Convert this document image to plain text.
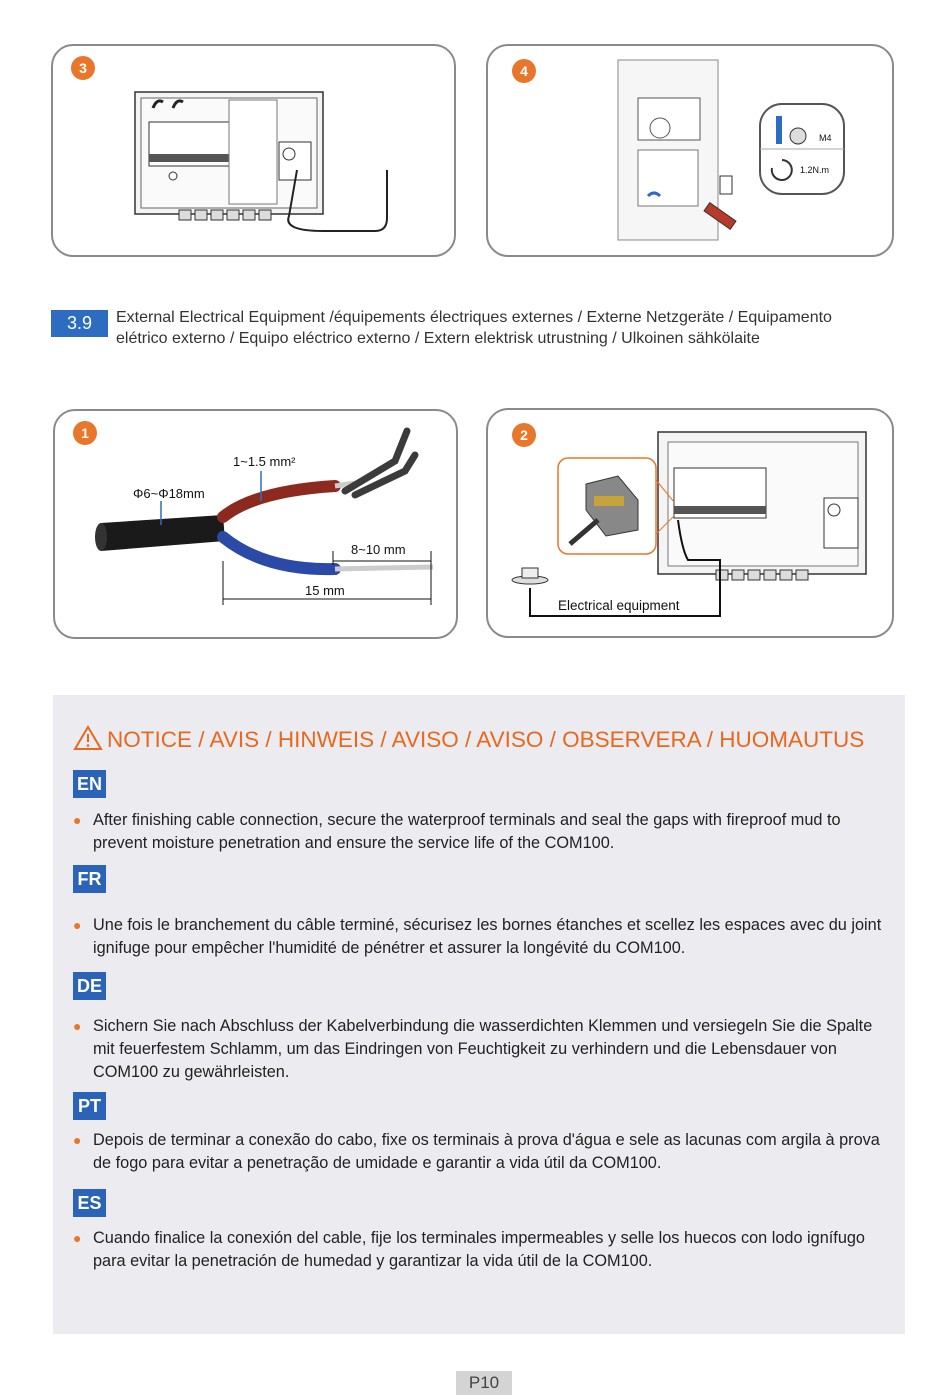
3	4
M4
1.2N.m
3.9	External Electrical Equipment /équipements électriques externes / Externe Netzgeräte / Equipamento elétrico externo / Equipo eléctrico externo / Extern elektrisk utrustning / Ulkoinen sähkölaite
1
1~1.5 mm²
Φ6~Φ18mm
8~10 mm
15 mm
2
Electrical equipment
NOTICE / AVIS / HINWEIS / AVISO / AVISO / OBSERVERA / HUOMAUTUS
EN
● After finishing cable connection, secure the waterproof terminals and seal the gaps with fireproof mud to prevent moisture penetration and ensure the service life of the COM100.
FR
● Une fois le branchement du câble terminé, sécurisez les bornes étanches et scellez les espaces avec du joint ignifuge pour empêcher l'humidité de pénétrer et assurer la longévité du COM100.
DE
● Sichern Sie nach Abschluss der Kabelverbindung die wasserdichten Klemmen und versiegeln Sie die Spalte mit feuerfestem Schlamm, um das Eindringen von Feuchtigkeit zu verhindern und die Lebensdauer von COM100 zu gewährleisten.
PT
● Depois de terminar a conexão do cabo, fixe os terminais à prova d'água e sele as lacunas com argila à prova de fogo para evitar a penetração de umidade e garantir a vida útil da COM100.
ES
● Cuando finalice la conexión del cable, fije los terminales impermeables y selle los huecos con lodo ignífugo para evitar la penetración de humedad y garantizar la vida útil de la COM100.
P10
